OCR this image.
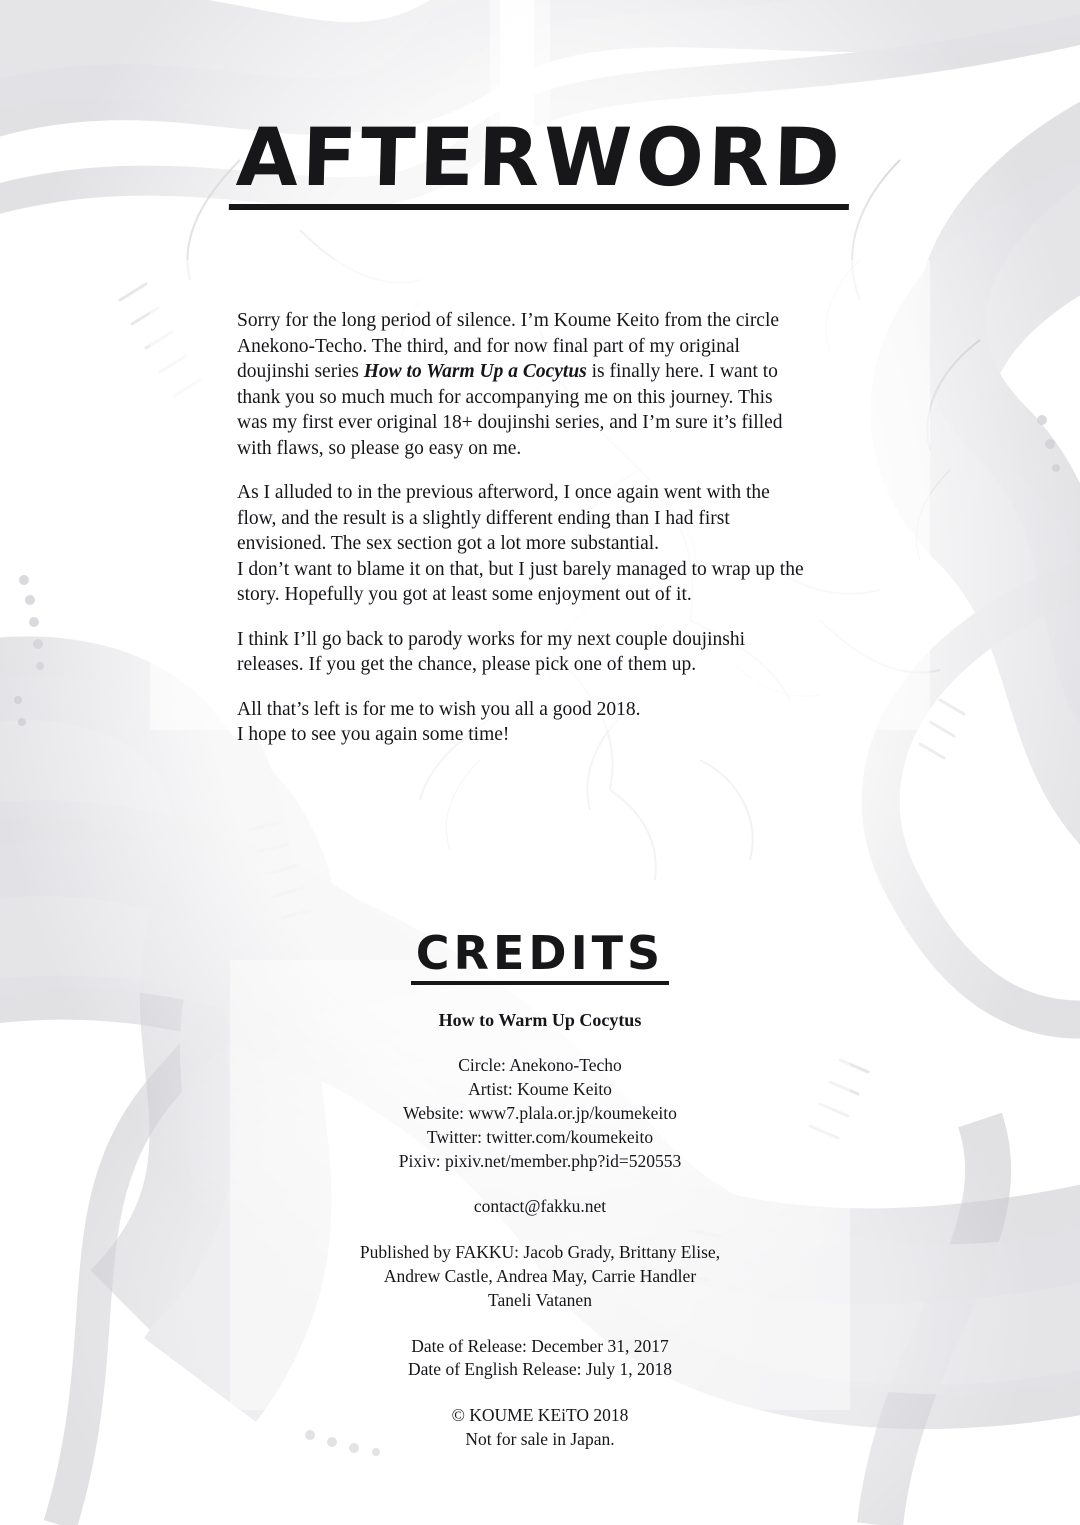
AFTERWORD

Sorry for the long period of silence. I’m Koume Keito from the circle Anekono-Techo. The third, and for now final part of my original doujinshi series How to Warm Up a Cocytus is finally here. I want to thank you so much much for accompanying me on this journey. This was my first ever original 18+ doujinshi series, and I’m sure it’s filled with flaws, so please go easy on me.

As I alluded to in the previous afterword, I once again went with the flow, and the result is a slightly different ending than I had first envisioned. The sex section got a lot more substantial.
I don’t want to blame it on that, but I just barely managed to wrap up the story. Hopefully you got at least some enjoyment out of it.

I think I’ll go back to parody works for my next couple doujinshi releases. If you get the chance, please pick one of them up.

All that’s left is for me to wish you all a good 2018.
I hope to see you again some time!

CREDITS
How to Warm Up Cocytus
Circle: Anekono-Techo
Artist: Koume Keito
Website: www7.plala.or.jp/koumekeito
Twitter: twitter.com/koumekeito
Pixiv: pixiv.net/member.php?id=520553
contact@fakku.net
Published by FAKKU: Jacob Grady, Brittany Elise,
Andrew Castle, Andrea May, Carrie Handler
Taneli Vatanen
Date of Release: December 31, 2017
Date of English Release: July 1, 2018
© KOUME KEiTO 2018
Not for sale in Japan.
